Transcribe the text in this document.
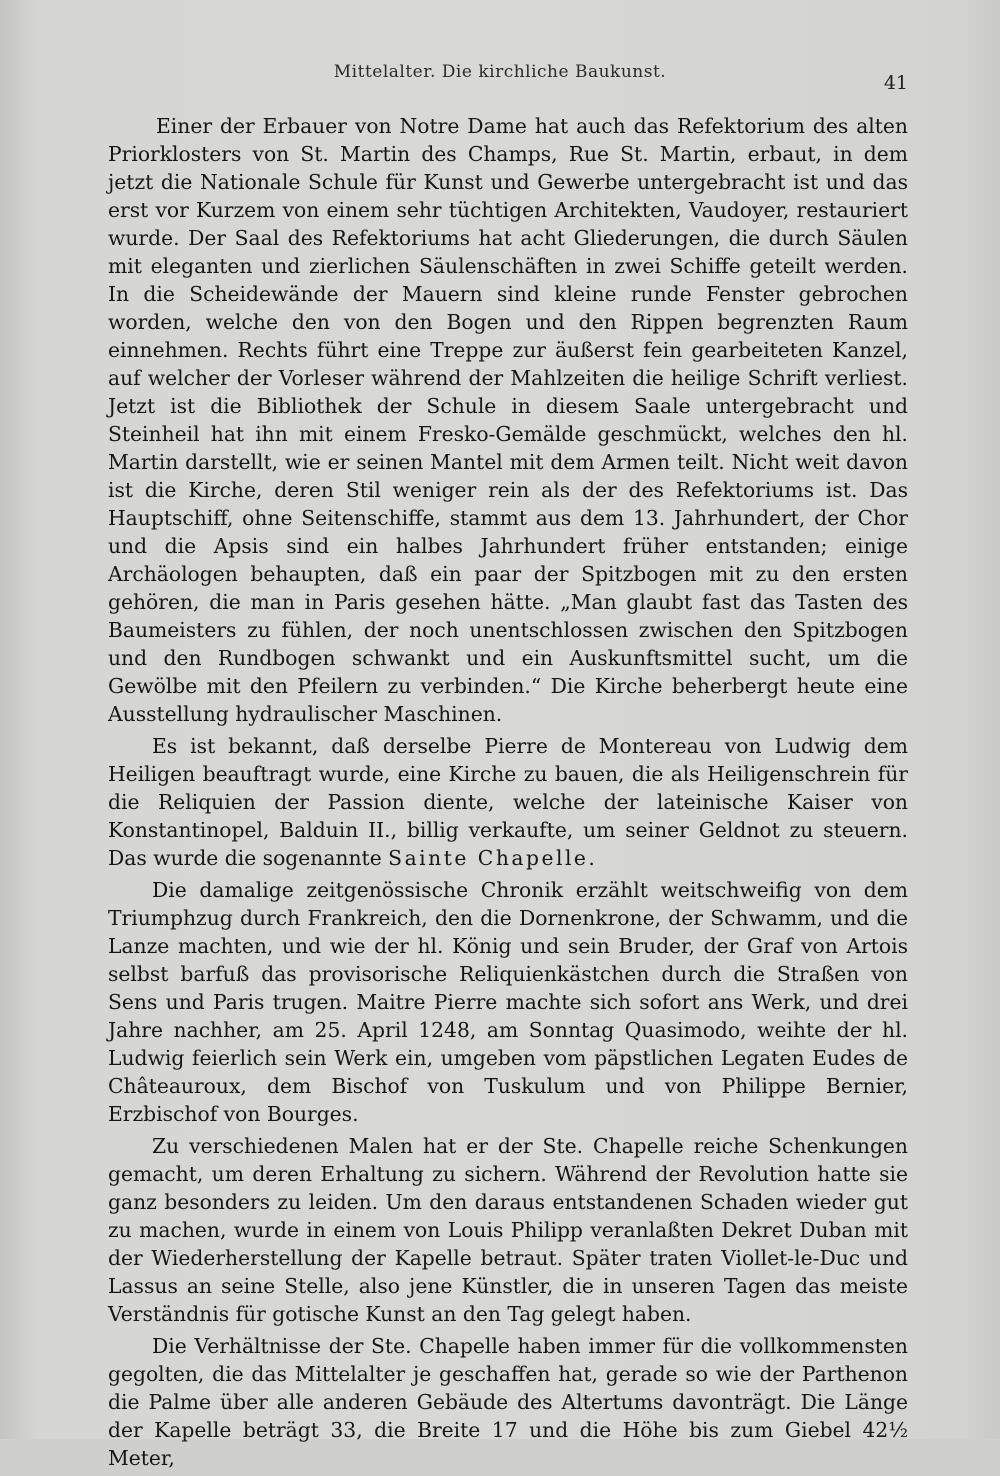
Mittelalter. Die kirchliche Baukunst.	41

Einer der Erbauer von Notre Dame hat auch das Refektorium des alten Priorklosters von St. Martin des Champs, Rue St. Martin, erbaut, in dem jetzt die Nationale Schule für Kunst und Gewerbe untergebracht ist und das erst vor Kurzem von einem sehr tüchtigen Architekten, Vaudoyer, restauriert wurde. Der Saal des Refektoriums hat acht Gliederungen, die durch Säulen mit eleganten und zierlichen Säulenschäften in zwei Schiffe geteilt werden. In die Scheidewände der Mauern sind kleine runde Fenster gebrochen worden, welche den von den Bogen und den Rippen begrenzten Raum einnehmen. Rechts führt eine Treppe zur äußerst fein gearbeiteten Kanzel, auf welcher der Vorleser während der Mahlzeiten die heilige Schrift verliest. Jetzt ist die Bibliothek der Schule in diesem Saale untergebracht und Steinheil hat ihn mit einem Fresko-Gemälde geschmückt, welches den hl. Martin darstellt, wie er seinen Mantel mit dem Armen teilt. Nicht weit davon ist die Kirche, deren Stil weniger rein als der des Refektoriums ist. Das Hauptschiff, ohne Seitenschiffe, stammt aus dem 13. Jahrhundert, der Chor und die Apsis sind ein halbes Jahrhundert früher entstanden; einige Archäologen behaupten, daß ein paar der Spitzbogen mit zu den ersten gehören, die man in Paris gesehen hätte. „Man glaubt fast das Tasten des Baumeisters zu fühlen, der noch unentschlossen zwischen den Spitzbogen und den Rundbogen schwankt und ein Auskunftsmittel sucht, um die Gewölbe mit den Pfeilern zu verbinden.“ Die Kirche beherbergt heute eine Ausstellung hydraulischer Maschinen.

Es ist bekannt, daß derselbe Pierre de Montereau von Ludwig dem Heiligen beauftragt wurde, eine Kirche zu bauen, die als Heiligenschrein für die Reliquien der Passion diente, welche der lateinische Kaiser von Konstantinopel, Balduin II., billig verkaufte, um seiner Geldnot zu steuern. Das wurde die sogenannte Sainte Chapelle.

Die damalige zeitgenössische Chronik erzählt weitschweifig von dem Triumphzug durch Frankreich, den die Dornenkrone, der Schwamm, und die Lanze machten, und wie der hl. König und sein Bruder, der Graf von Artois selbst barfuß das provisorische Reliquienkästchen durch die Straßen von Sens und Paris trugen. Maitre Pierre machte sich sofort ans Werk, und drei Jahre nachher, am 25. April 1248, am Sonntag Quasimodo, weihte der hl. Ludwig feierlich sein Werk ein, umgeben vom päpstlichen Legaten Eudes de Châteauroux, dem Bischof von Tuskulum und von Philippe Bernier, Erzbischof von Bourges.

Zu verschiedenen Malen hat er der Ste. Chapelle reiche Schenkungen gemacht, um deren Erhaltung zu sichern. Während der Revolution hatte sie ganz besonders zu leiden. Um den daraus entstandenen Schaden wieder gut zu machen, wurde in einem von Louis Philipp veranlaßten Dekret Duban mit der Wiederherstellung der Kapelle betraut. Später traten Viollet-le-Duc und Lassus an seine Stelle, also jene Künstler, die in unseren Tagen das meiste Verständnis für gotische Kunst an den Tag gelegt haben.

Die Verhältnisse der Ste. Chapelle haben immer für die vollkommensten gegolten, die das Mittelalter je geschaffen hat, gerade so wie der Parthenon die Palme über alle anderen Gebäude des Altertums davonträgt. Die Länge der Kapelle beträgt 33, die Breite 17 und die Höhe bis zum Giebel 42½ Meter,
